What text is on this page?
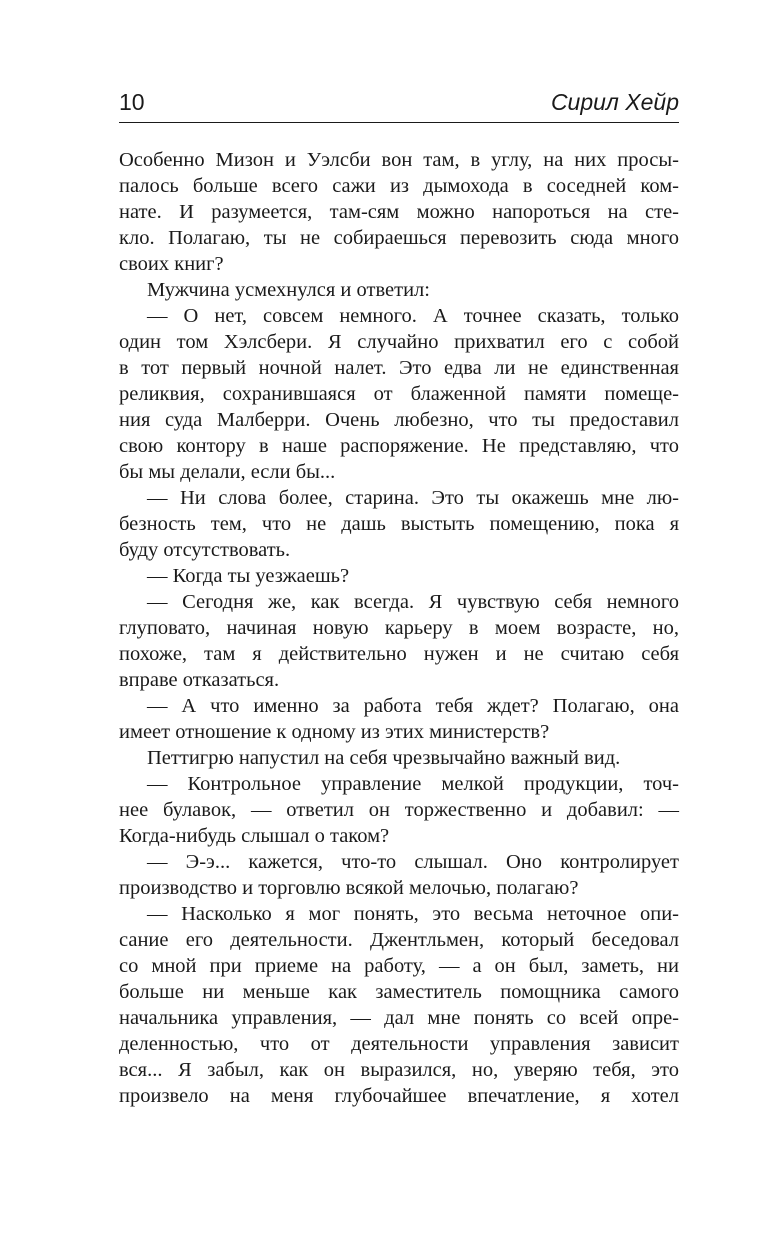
10	Сирил Хейр
Особенно Мизон и Уэлсби вон там, в углу, на них просы-
палось больше всего сажи из дымохода в соседней ком-
нате. И разумеется, там-сям можно напороться на сте-
кло. Полагаю, ты не собираешься перевозить сюда много
своих книг?
Мужчина усмехнулся и ответил:
— О нет, совсем немного. А точнее сказать, только
один том Хэлсбери. Я случайно прихватил его с собой
в тот первый ночной налет. Это едва ли не единственная
реликвия, сохранившаяся от блаженной памяти помеще-
ния суда Малберри. Очень любезно, что ты предоставил
свою контору в наше распоряжение. Не представляю, что
бы мы делали, если бы...
— Ни слова более, старина. Это ты окажешь мне лю-
безность тем, что не дашь выстыть помещению, пока я
буду отсутствовать.
— Когда ты уезжаешь?
— Сегодня же, как всегда. Я чувствую себя немного
глуповато, начиная новую карьеру в моем возрасте, но,
похоже, там я действительно нужен и не считаю себя
вправе отказаться.
— А что именно за работа тебя ждет? Полагаю, она
имеет отношение к одному из этих министерств?
Петтигрю напустил на себя чрезвычайно важный вид.
— Контрольное управление мелкой продукции, точ-
нее булавок, — ответил он торжественно и добавил: —
Когда-нибудь слышал о таком?
— Э-э... кажется, что-то слышал. Оно контролирует
производство и торговлю всякой мелочью, полагаю?
— Насколько я мог понять, это весьма неточное опи-
сание его деятельности. Джентльмен, который беседовал
со мной при приеме на работу, — а он был, заметь, ни
больше ни меньше как заместитель помощника самого
начальника управления, — дал мне понять со всей опре-
деленностью, что от деятельности управления зависит
вся... Я забыл, как он выразился, но, уверяю тебя, это
произвело на меня глубочайшее впечатление, я хотел
